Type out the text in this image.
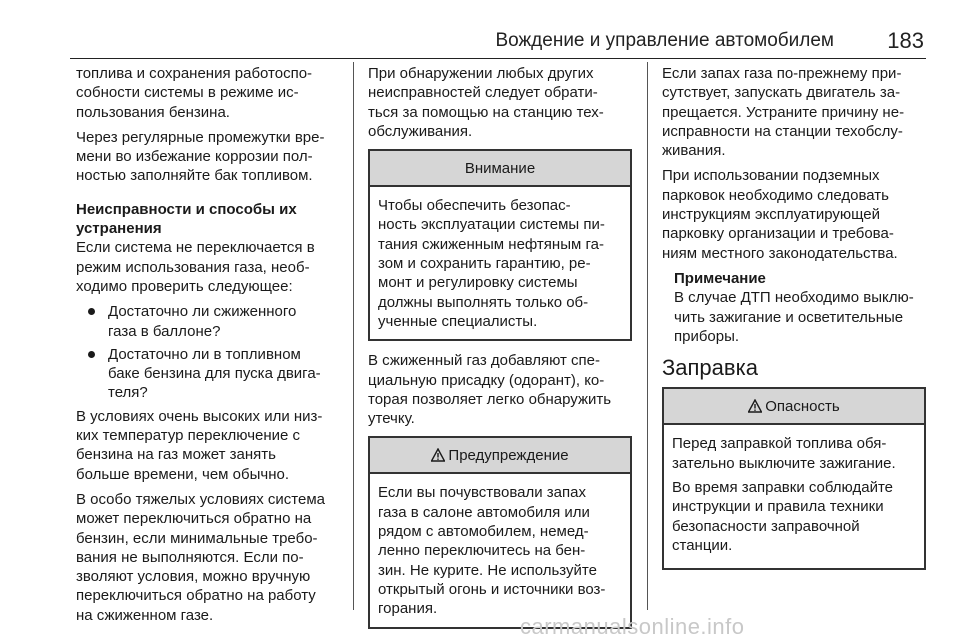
Вождение и управление автомобилем 183

топлива и сохранения работоспо-
собности системы в режиме ис-
пользования бензина.

Через регулярные промежутки вре-
мени во избежание коррозии пол-
ностью заполняйте бак топливом.

Неисправности и способы их
устранения

Если система не переключается в
режим использования газа, необ-
ходимо проверить следующее:

Достаточно ли сжиженного
газа в баллоне?
Достаточно ли в топливном
баке бензина для пуска двига-
теля?

В условиях очень высоких или низ-
ких температур переключение с
бензина на газ может занять
больше времени, чем обычно.

В особо тяжелых условиях система
может переключиться обратно на
бензин, если минимальные требо-
вания не выполняются. Если по-
зволяют условия, можно вручную
переключиться обратно на работу
на сжиженном газе.

При обнаружении любых других
неисправностей следует обрати-
ться за помощью на станцию тех-
обслуживания.

Внимание
Чтобы обеспечить безопас-
ность эксплуатации системы пи-
тания сжиженным нефтяным га-
зом и сохранить гарантию, ре-
монт и регулировку системы
должны выполнять только об-
ученные специалисты.

В сжиженный газ добавляют спе-
циальную присадку (одорант), ко-
торая позволяет легко обнаружить
утечку.

Предупреждение
Если вы почувствовали запах
газа в салоне автомобиля или
рядом с автомобилем, немед-
ленно переключитесь на бен-
зин. Не курите. Не используйте
открытый огонь и источники воз-
горания.

Если запах газа по-прежнему при-
сутствует, запускать двигатель за-
прещается. Устраните причину не-
исправности на станции техобслу-
живания.

При использовании подземных
парковок необходимо следовать
инструкциям эксплуатирующей
парковку организации и требова-
ниям местного законодательства.

Примечание
В случае ДТП необходимо выклю-
чить зажигание и осветительные
приборы.
Заправка
Опасность

Перед заправкой топлива обя-
зательно выключите зажигание.

Во время заправки соблюдайте
инструкции и правила техники
безопасности заправочной
станции.

carmanualsonline.info
